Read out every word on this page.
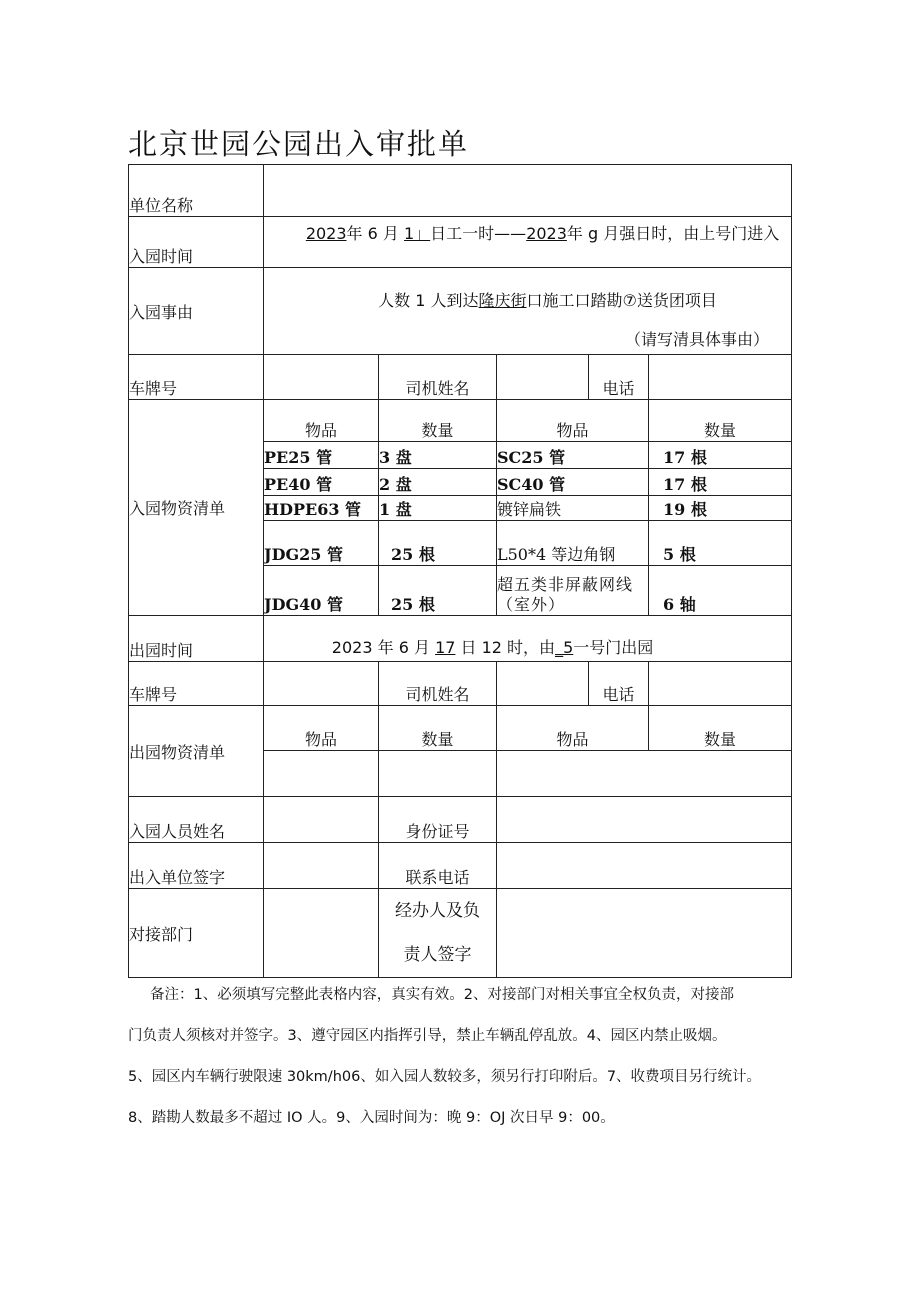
北京世园公园出入审批单
单位名称					
入园时间	2023年 6 月 1」日工一时——2023年 g 月强日时，由上号门进入				

入园事由	人数 1 人到达隆庆街口施工口踏勘⑦送货团项目
（请写清具体事由）				

车牌号		司机姓名		电话	
入园物资清单	物品	数量	物品		数量
	PE25 管	3 盘	SC25 管		17 根
	PE40 管	2 盘	SC40 管		17 根
	HDPE63 管	1 盘	镀锌扁铁		19 根
	JDG25 管	25 根	L50*4 等边角钢		5 根
	JDG40 管	25 根	超五类非屏蔽网线（室外）		6 轴
出园时间	2023 年 6 月 17 日 12 时，由_5一号门出园				

车牌号		司机姓名		电话	
出园物资清单	物品	数量	物品		数量

入园人员姓名		身份证号			
出入单位签字		联系电话			
对接部门		经办人及负
责人签字			

备注：1、必须填写完整此表格内容，真实有效。2、对接部门对相关事宜全权负责，对接部

门负责人须核对并签字。3、遵守园区内指挥引导，禁止车辆乱停乱放。4、园区内禁止吸烟。

5、园区内车辆行驶限速 30km/h06、如入园人数较多，须另行打印附后。7、收费项目另行统计。

8、踏勘人数最多不超过 IO 人。9、入园时间为：晚 9：OJ 次日早 9：00。
